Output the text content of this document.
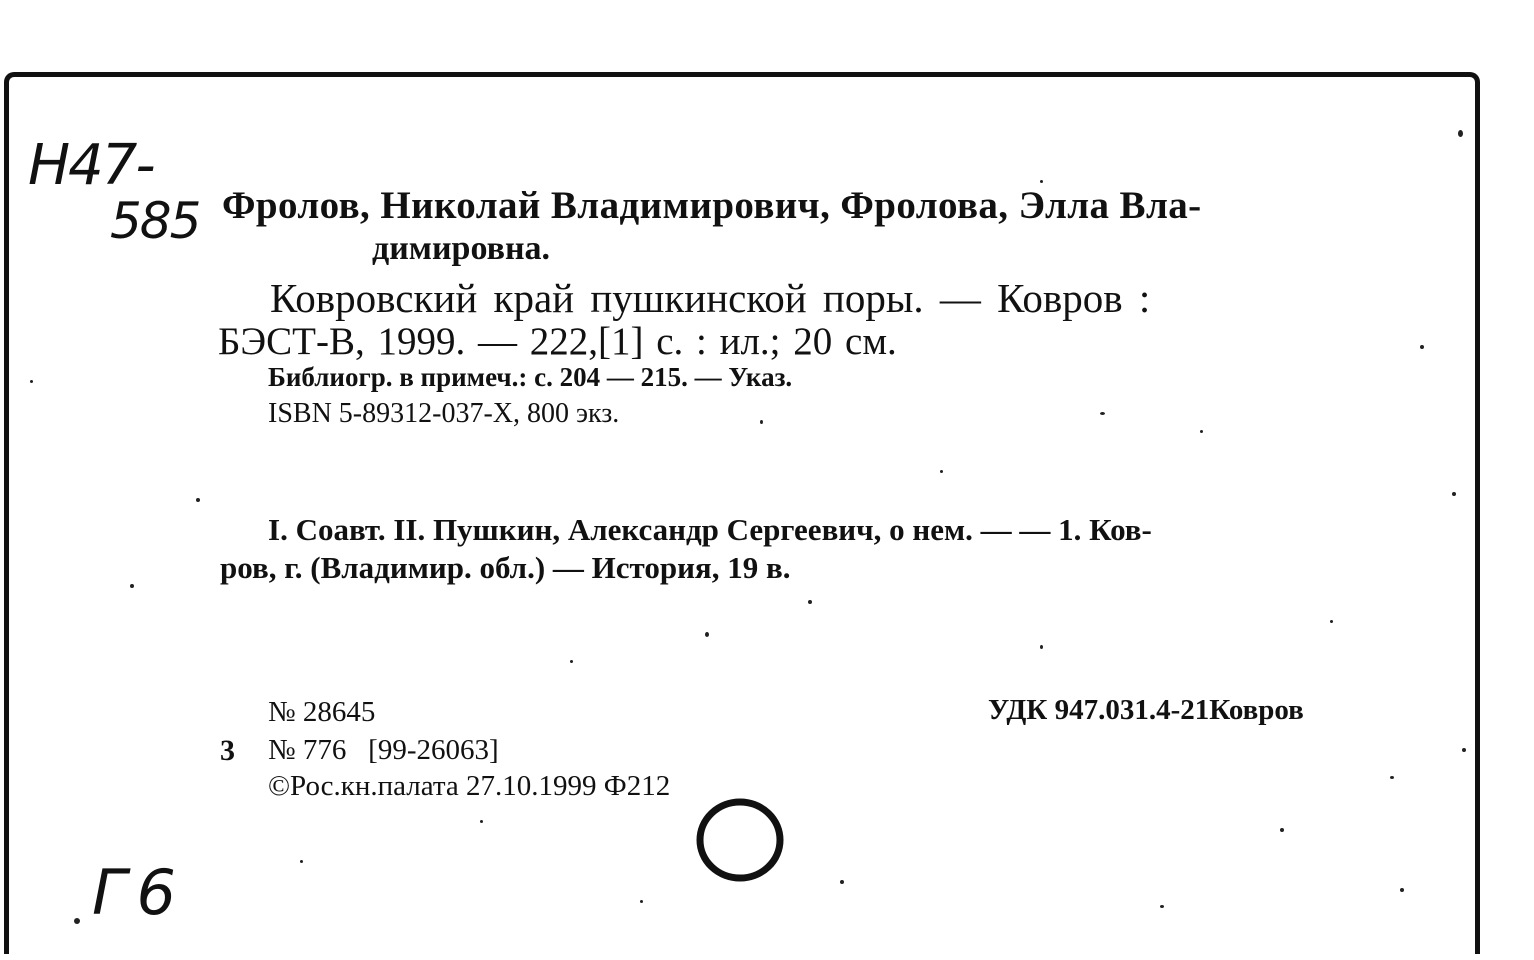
Н47-
585 Фролов, Николай Владимирович, Фролова, Элла Вла-
димировна.
Ковровский край пушкинской поры. — Ковров :
БЭСТ-В, 1999. — 222,[1] с. : ил.; 20 см.
Библиогр. в примеч.: с. 204 — 215. — Указ.
ISBN 5-89312-037-X, 800 экз.
I. Соавт. II. Пушкин, Александр Сергеевич, о нем. — — 1. Ков-
ров, г. (Владимир. обл.) — История, 19 в.
№ 28645	УДК 947.031.4-21Ковров
3 № 776   [99-26063]
©Рос.кн.палата 27.10.1999 Ф212
Г6
